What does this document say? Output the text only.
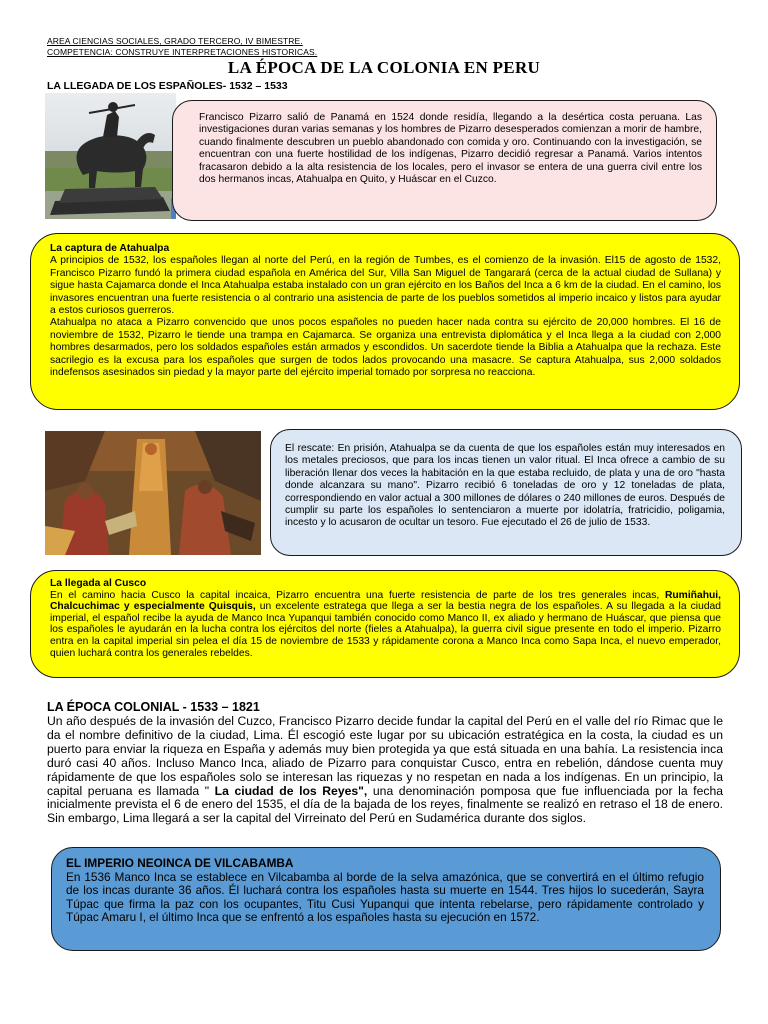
AREA CIENCIAS SOCIALES, GRADO TERCERO, IV BIMESTRE.
COMPETENCIA: CONSTRUYE INTERPRETACIONES HISTORICAS.
LA ÉPOCA DE LA COLONIA EN PERU
LA LLEGADA DE LOS ESPAÑOLES- 1532 – 1533

Francisco Pizarro salió de Panamá en 1524 donde residía, llegando a la desértica costa peruana. Las investigaciones duran varias semanas y los hombres de Pizarro desesperados comienzan a morir de hambre, cuando finalmente descubren un pueblo abandonado con comida y oro. Continuando con la investigación, se encuentran con una fuerte hostilidad de los indígenas, Pizarro decidió regresar a Panamá. Varios intentos fracasaron debido a la alta resistencia de los locales, pero el invasor se entera de una guerra civil entre los dos hermanos incas, Atahualpa en Quito, y Huáscar en el Cuzco.

La captura de Atahualpa

A principios de 1532, los españoles llegan al norte del Perú, en la región de Tumbes, es el comienzo de la invasión. El15 de agosto de 1532, Francisco Pizarro fundó la primera ciudad española en América del Sur, Villa San Miguel de Tangarará (cerca de la actual ciudad de Sullana) y sigue hasta Cajamarca donde el Inca Atahualpa estaba instalado con un gran ejército en los Baños del Inca a 6 km de la ciudad. En el camino, los invasores encuentran una fuerte resistencia o al contrario una asistencia de parte de los pueblos sometidos al imperio incaico y listos para ayudar a estos curiosos guerreros.

Atahualpa no ataca a Pizarro convencido que unos pocos españoles no pueden hacer nada contra su ejército de 20,000 hombres. El 16 de noviembre de 1532, Pizarro le tiende una trampa en Cajamarca. Se organiza una entrevista diplomática y el Inca llega a la ciudad con 2,000 hombres desarmados, pero los soldados españoles están armados y escondidos. Un sacerdote tiende la Biblia a Atahualpa que la rechaza. Este sacrilegio es la excusa para los españoles que surgen de todos lados provocando una masacre. Se captura Atahualpa, sus 2,000 soldados indefensos asesinados sin piedad y la mayor parte del ejército imperial tomado por sorpresa no reacciona.

El rescate: En prisión, Atahualpa se da cuenta de que los españoles están muy interesados en los metales preciosos, que para los incas tienen un valor ritual. El Inca ofrece a cambio de su liberación llenar dos veces la habitación en la que estaba recluido, de plata y una de oro "hasta donde alcanzara su mano". Pizarro recibió 6 toneladas de oro y 12 toneladas de plata, correspondiendo en valor actual a 300 millones de dólares o 240 millones de euros. Después de cumplir su parte los españoles lo sentenciaron a muerte por idolatría, fratricidio, poligamia, incesto y lo acusaron de ocultar un tesoro. Fue ejecutado el 26 de julio de 1533.

La llegada al Cusco

En el camino hacia Cusco la capital incaica, Pizarro encuentra una fuerte resistencia de parte de los tres generales incas, Rumiñahui, Chalcuchimac y especialmente Quisquis, un excelente estratega que llega a ser la bestia negra de los españoles. A su llegada a la ciudad imperial, el español recibe la ayuda de Manco Inca Yupanqui también conocido como Manco II, ex aliado y hermano de Huáscar, que piensa que los españoles le ayudarán en la lucha contra los ejércitos del norte (fieles a Atahualpa), la guerra civil sigue presente en todo el imperio. Pizarro entra en la capital imperial sin pelea el día 15 de noviembre de 1533 y rápidamente corona a Manco Inca como Sapa Inca, el nuevo emperador, quien luchará contra los generales rebeldes.

LA ÉPOCA COLONIAL - 1533 – 1821

Un año después de la invasión del Cuzco, Francisco Pizarro decide fundar la capital del Perú en el valle del río Rimac que le da el nombre definitivo de la ciudad, Lima. Él escogió este lugar por su ubicación estratégica en la costa, la ciudad es un puerto para enviar la riqueza en España y además muy bien protegida ya que está situada en una bahía. La resistencia inca duró casi 40 años. Incluso Manco Inca, aliado de Pizarro para conquistar Cusco, entra en rebelión, dándose cuenta muy rápidamente de que los españoles solo se interesan las riquezas y no respetan en nada a los indígenas. En un principio, la capital peruana es llamada " La ciudad de los Reyes", una denominación pomposa que fue influenciada por la fecha inicialmente prevista el 6 de enero del 1535, el día de la bajada de los reyes, finalmente se realizó en retraso el 18 de enero. Sin embargo, Lima llegará a ser la capital del Virreinato del Perú en Sudamérica durante dos siglos.

EL IMPERIO NEOINCA DE VILCABAMBA

En 1536 Manco Inca se establece en Vilcabamba al borde de la selva amazónica, que se convertirá en el último refugio de los incas durante 36 años. Él luchará contra los españoles hasta su muerte en 1544. Tres hijos lo sucederán, Sayra Túpac que firma la paz con los ocupantes, Titu Cusi Yupanqui que intenta rebelarse, pero rápidamente controlado y Túpac Amaru I, el último Inca que se enfrentó a los españoles hasta su ejecución en 1572.
